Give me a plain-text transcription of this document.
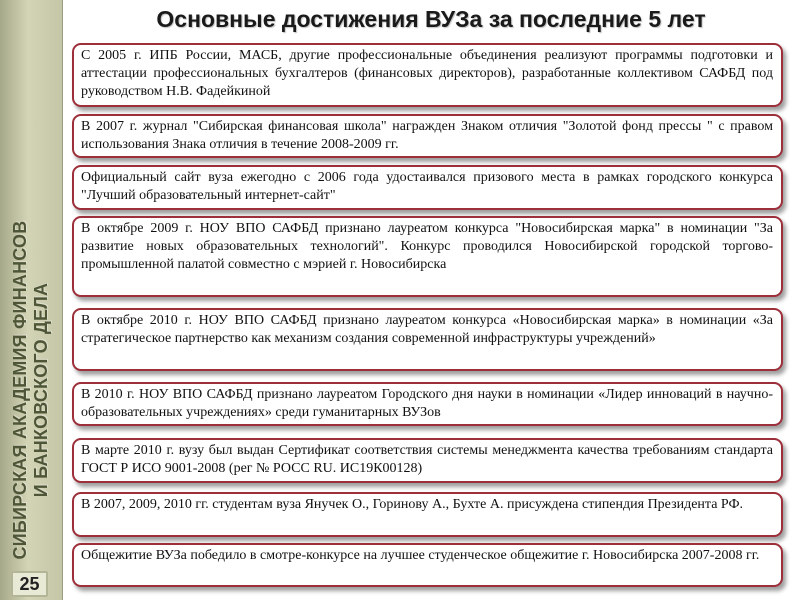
СИБИРСКАЯ АКАДЕМИЯ ФИНАНСОВ И БАНКОВСКОГО ДЕЛА
25
Основные достижения ВУЗа за последние 5 лет
С 2005 г. ИПБ России, МАСБ, другие профессиональные объединения реализуют программы подготовки и аттестации профессиональных бухгалтеров (финансовых директоров), разработанные коллективом САФБД под руководством Н.В. Фадейкиной
В 2007 г. журнал "Сибирская финансовая школа" награжден Знаком отличия "Золотой фонд прессы " с правом использования Знака отличия в течение 2008-2009 гг.
Официальный сайт вуза ежегодно с 2006 года удостаивался призового места в рамках городского конкурса "Лучший образовательный интернет-сайт"
В октябре 2009 г. НОУ ВПО САФБД признано лауреатом конкурса "Новосибирская марка" в номинации "За развитие новых образовательных технологий". Конкурс проводился Новосибирской городской торгово-промышленной палатой совместно с мэрией г. Новосибирска
В октябре 2010 г. НОУ ВПО САФБД признано лауреатом конкурса «Новосибирская марка» в номинации «За стратегическое партнерство как механизм создания современной инфраструктуры учреждений»
В 2010 г. НОУ ВПО САФБД признано лауреатом Городского дня науки в номинации «Лидер инноваций в научно-образовательных учреждениях» среди гуманитарных ВУЗов
В марте 2010 г. вузу был выдан Сертификат соответствия системы менеджмента качества требованиям стандарта ГОСТ Р ИСО 9001-2008 (рег № РОСС RU. ИС19К00128)
В 2007, 2009, 2010 гг. студентам вуза Янучек О., Горинову А., Бухте А. присуждена стипендия Президента РФ.
Общежитие ВУЗа победило в смотре-конкурсе на лучшее студенческое общежитие г. Новосибирска 2007-2008 гг.
